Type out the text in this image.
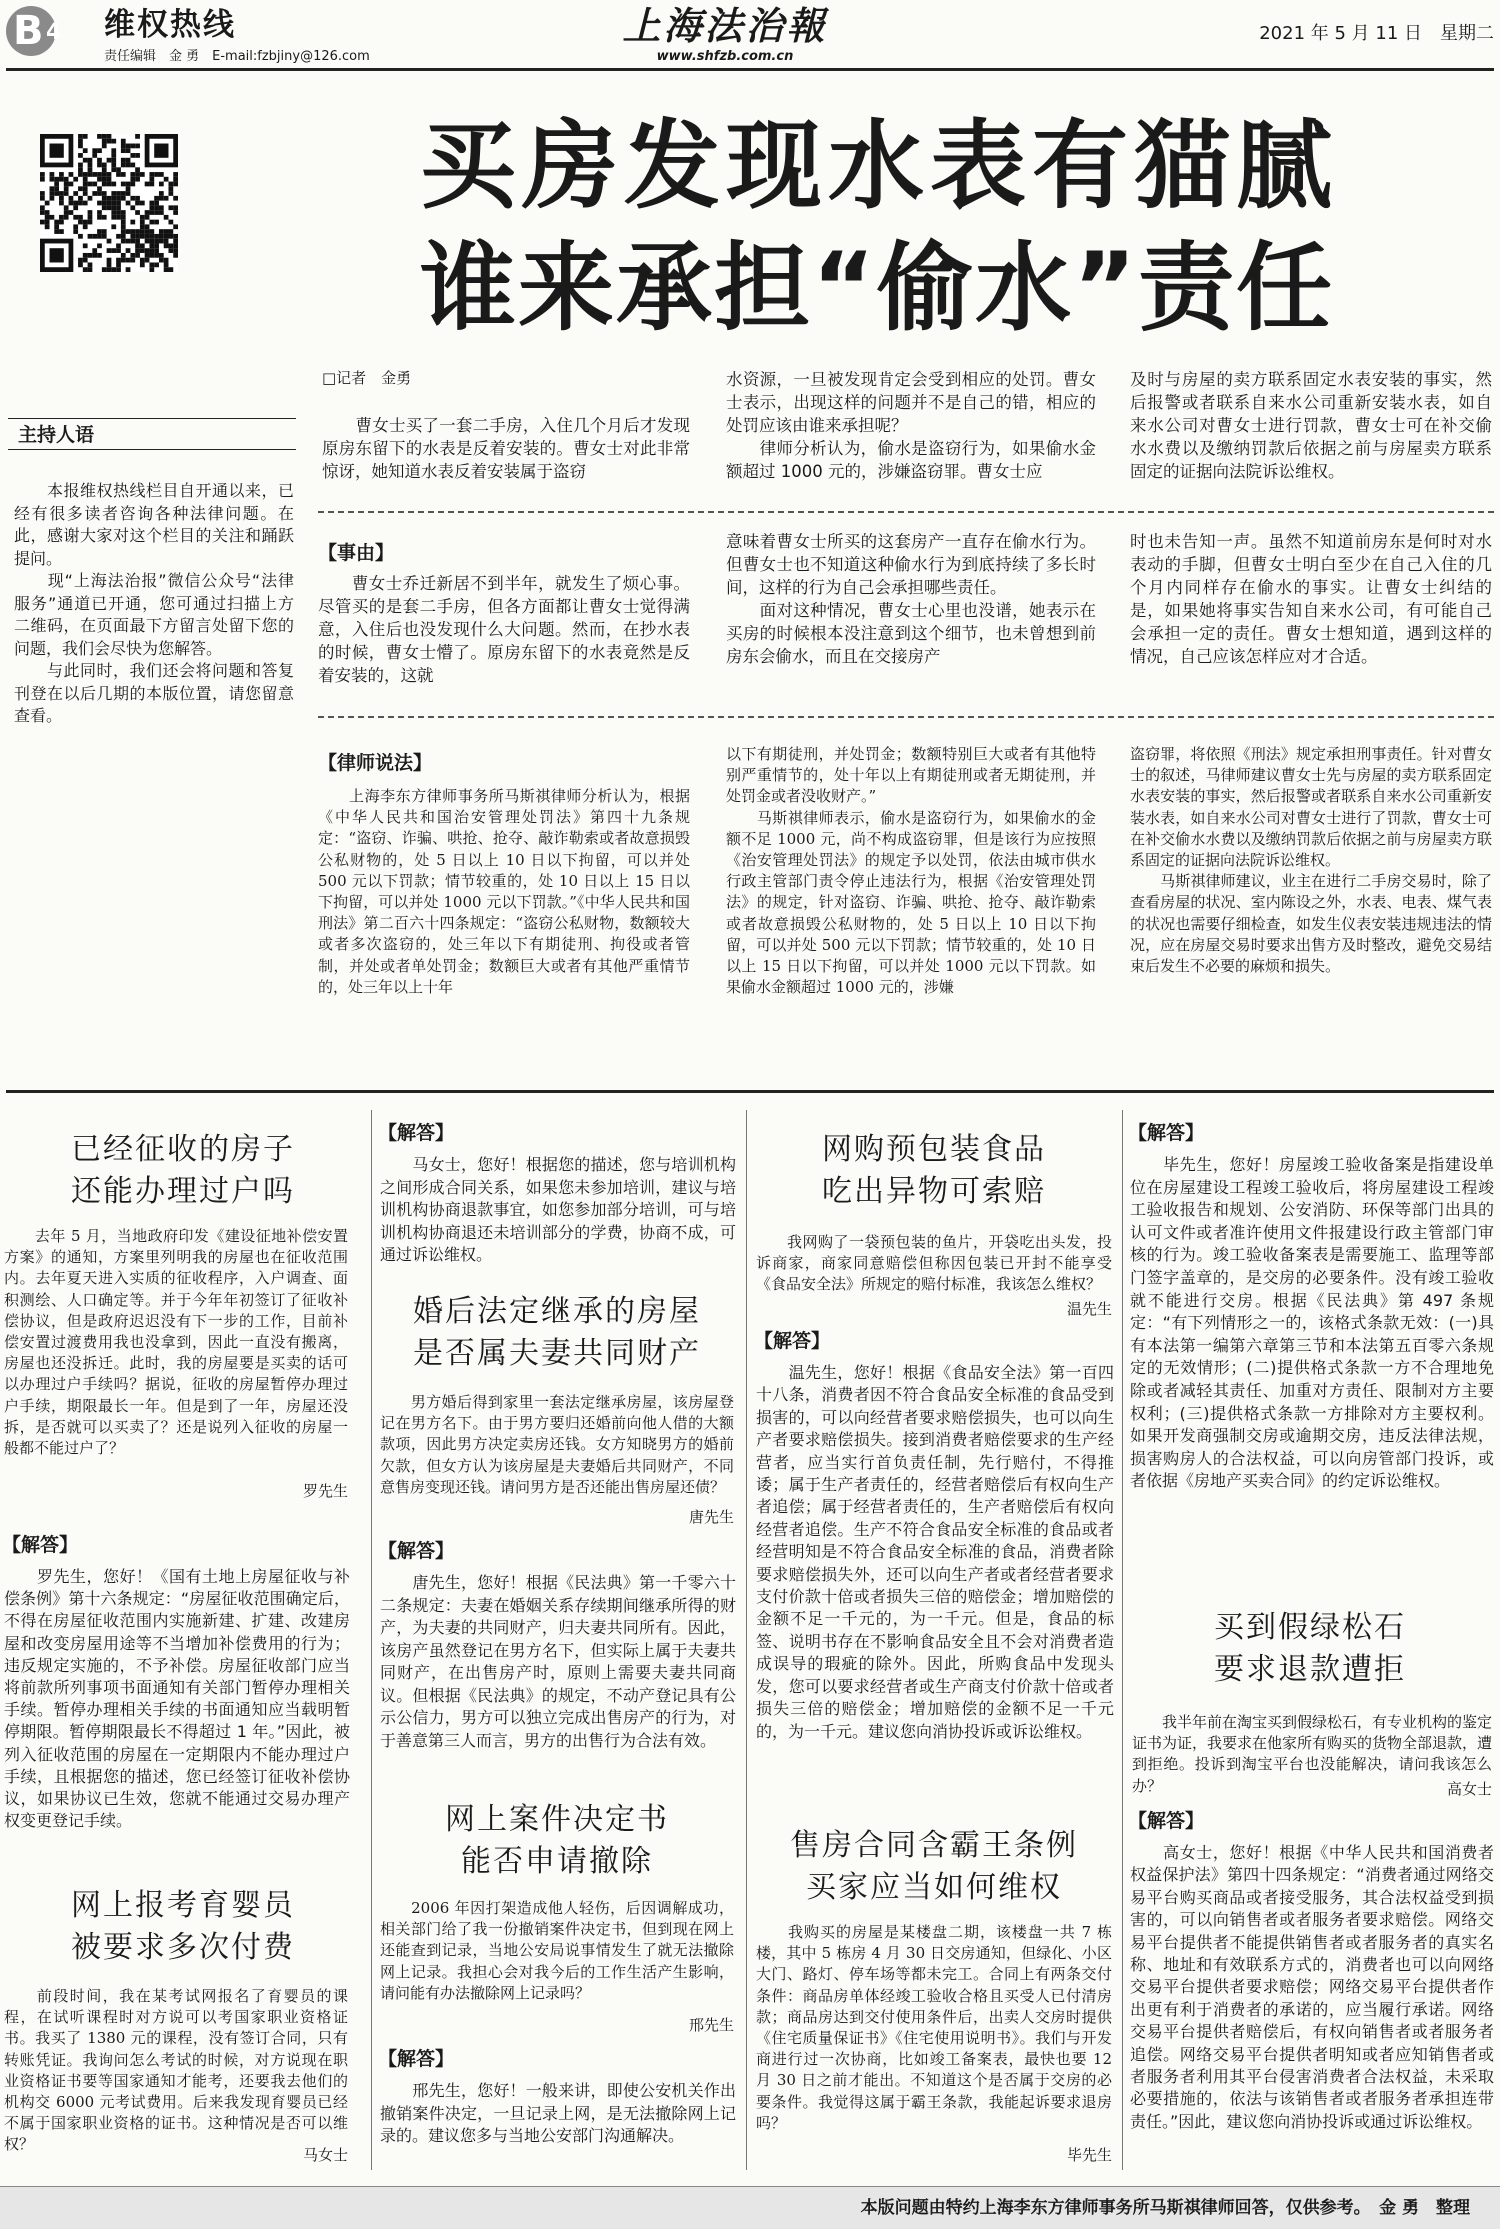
B 4 维权热线
责任编辑　金 勇　E-mail:fzbjiny@126.com
上海法治報
www.shfzb.com.cn
2021 年 5 月 11 日　星期二
买房发现水表有猫腻
谁来承担“偷水”责任
主持人语
　　本报维权热线栏目自开通以来，已经有很多读者咨询各种法律问题。在此，感谢大家对这个栏目的关注和踊跃提问。
　　现“上海法治报”微信公众号“法律服务”通道已开通，您可通过扫描上方二维码，在页面最下方留言处留下您的问题，我们会尽快为您解答。
　　与此同时，我们还会将问题和答复刊登在以后几期的本版位置，请您留意查看。
□记者　金勇
　　曹女士买了一套二手房，入住几个月后才发现原房东留下的水表是反着安装的。曹女士对此非常惊讶，她知道水表反着安装属于盗窃
水资源，一旦被发现肯定会受到相应的处罚。曹女士表示，出现这样的问题并不是自己的错，相应的处罚应该由谁来承担呢？
　　律师分析认为，偷水是盗窃行为，如果偷水金额超过 1000 元的，涉嫌盗窃罪。曹女士应
及时与房屋的卖方联系固定水表安装的事实，然后报警或者联系自来水公司重新安装水表，如自来水公司对曹女士进行罚款，曹女士可在补交偷水水费以及缴纳罚款后依据之前与房屋卖方联系固定的证据向法院诉讼维权。
【事由】
　　曹女士乔迁新居不到半年，就发生了烦心事。尽管买的是套二手房，但各方面都让曹女士觉得满意，入住后也没发现什么大问题。然而，在抄水表的时候，曹女士懵了。原房东留下的水表竟然是反着安装的，这就
意味着曹女士所买的这套房产一直存在偷水行为。但曹女士也不知道这种偷水行为到底持续了多长时间，这样的行为自己会承担哪些责任。
　　面对这种情况，曹女士心里也没谱，她表示在买房的时候根本没注意到这个细节，也未曾想到前房东会偷水，而且在交接房产
时也未告知一声。虽然不知道前房东是何时对水表动的手脚，但曹女士明白至少在自己入住的几个月内同样存在偷水的事实。让曹女士纠结的是，如果她将事实告知自来水公司，有可能自己会承担一定的责任。曹女士想知道，遇到这样的情况，自己应该怎样应对才合适。
【律师说法】
　　上海李东方律师事务所马斯祺律师分析认为，根据《中华人民共和国治安管理处罚法》第四十九条规定：“盗窃、诈骗、哄抢、抢夺、敲诈勒索或者故意损毁公私财物的，处 5 日以上 10 日以下拘留，可以并处 500 元以下罚款；情节较重的，处 10 日以上 15 日以下拘留，可以并处 1000 元以下罚款。”《中华人民共和国刑法》第二百六十四条规定：“盗窃公私财物，数额较大或者多次盗窃的，处三年以下有期徒刑、拘役或者管制，并处或者单处罚金；数额巨大或者有其他严重情节的，处三年以上十年
以下有期徒刑，并处罚金；数额特别巨大或者有其他特别严重情节的，处十年以上有期徒刑或者无期徒刑，并处罚金或者没收财产。”
　　马斯祺律师表示，偷水是盗窃行为，如果偷水的金额不足 1000 元，尚不构成盗窃罪，但是该行为应按照《治安管理处罚法》的规定予以处罚，依法由城市供水行政主管部门责令停止违法行为，根据《治安管理处罚法》的规定，针对盗窃、诈骗、哄抢、抢夺、敲诈勒索或者故意损毁公私财物的，处 5 日以上 10 日以下拘留，可以并处 500 元以下罚款；情节较重的，处 10 日以上 15 日以下拘留，可以并处 1000 元以下罚款。如果偷水金额超过 1000 元的，涉嫌
盗窃罪，将依照《刑法》规定承担刑事责任。针对曹女士的叙述，马律师建议曹女士先与房屋的卖方联系固定水表安装的事实，然后报警或者联系自来水公司重新安装水表，如自来水公司对曹女士进行了罚款，曹女士可在补交偷水水费以及缴纳罚款后依据之前与房屋卖方联系固定的证据向法院诉讼维权。
　　马斯祺律师建议，业主在进行二手房交易时，除了查看房屋的状况、室内陈设之外，水表、电表、煤气表的状况也需要仔细检查，如发生仪表安装违规违法的情况，应在房屋交易时要求出售方及时整改，避免交易结束后发生不必要的麻烦和损失。
已经征收的房子
还能办理过户吗
　　去年 5 月，当地政府印发《建设征地补偿安置方案》的通知，方案里列明我的房屋也在征收范围内。去年夏天进入实质的征收程序，入户调查、面积测绘、人口确定等。并于今年年初签订了征收补偿协议，但是政府迟迟没有下一步的工作，目前补偿安置过渡费用我也没拿到，因此一直没有搬离，房屋也还没拆迁。此时，我的房屋要是买卖的话可以办理过户手续吗？据说，征收的房屋暂停办理过户手续，期限最长一年。但是到了一年，房屋还没拆，是否就可以买卖了？还是说列入征收的房屋一般都不能过户了？
罗先生
【解答】
　　罗先生，您好！《国有土地上房屋征收与补偿条例》第十六条规定：“房屋征收范围确定后，不得在房屋征收范围内实施新建、扩建、改建房屋和改变房屋用途等不当增加补偿费用的行为；违反规定实施的，不予补偿。房屋征收部门应当将前款所列事项书面通知有关部门暂停办理相关手续。暂停办理相关手续的书面通知应当载明暂停期限。暂停期限最长不得超过 1 年。”因此，被列入征收范围的房屋在一定期限内不能办理过户手续，且根据您的描述，您已经签订征收补偿协议，如果协议已生效，您就不能通过交易办理产权变更登记手续。
网上报考育婴员
被要求多次付费
　　前段时间，我在某考试网报名了育婴员的课程，在试听课程时对方说可以考国家职业资格证书。我买了 1380 元的课程，没有签订合同，只有转账凭证。我询问怎么考试的时候，对方说现在职业资格证书要等国家通知才能考，还要我去他们的机构交 6000 元考试费用。后来我发现育婴员已经不属于国家职业资格的证书。这种情况是否可以维权？
马女士
【解答】
　　马女士，您好！根据您的描述，您与培训机构之间形成合同关系，如果您未参加培训，建议与培训机构协商退款事宜，如您参加部分培训，可与培训机构协商退还未培训部分的学费，协商不成，可通过诉讼维权。
婚后法定继承的房屋
是否属夫妻共同财产
　　男方婚后得到家里一套法定继承房屋，该房屋登记在男方名下。由于男方要归还婚前向他人借的大额款项，因此男方决定卖房还钱。女方知晓男方的婚前欠款，但女方认为该房屋是夫妻婚后共同财产，不同意售房变现还钱。请问男方是否还能出售房屋还债？
唐先生
【解答】
　　唐先生，您好！根据《民法典》第一千零六十二条规定：夫妻在婚姻关系存续期间继承所得的财产，为夫妻的共同财产，归夫妻共同所有。因此，该房产虽然登记在男方名下，但实际上属于夫妻共同财产，在出售房产时，原则上需要夫妻共同商议。但根据《民法典》的规定，不动产登记具有公示公信力，男方可以独立完成出售房产的行为，对于善意第三人而言，男方的出售行为合法有效。
网上案件决定书
能否申请撤除
　　2006 年因打架造成他人轻伤，后因调解成功，相关部门给了我一份撤销案件决定书，但到现在网上还能查到记录，当地公安局说事情发生了就无法撤除网上记录。我担心会对我今后的工作生活产生影响，请问能有办法撤除网上记录吗？
邢先生
【解答】
　　邢先生，您好！一般来讲，即使公安机关作出撤销案件决定，一旦记录上网，是无法撤除网上记录的。建议您多与当地公安部门沟通解决。
网购预包装食品
吃出异物可索赔
　　我网购了一袋预包装的鱼片，开袋吃出头发，投诉商家，商家同意赔偿但称因包装已开封不能享受《食品安全法》所规定的赔付标准，我该怎么维权？
温先生
【解答】
　　温先生，您好！根据《食品安全法》第一百四十八条，消费者因不符合食品安全标准的食品受到损害的，可以向经营者要求赔偿损失，也可以向生产者要求赔偿损失。接到消费者赔偿要求的生产经营者，应当实行首负责任制，先行赔付，不得推诿；属于生产者责任的，经营者赔偿后有权向生产者追偿；属于经营者责任的，生产者赔偿后有权向经营者追偿。生产不符合食品安全标准的食品或者经营明知是不符合食品安全标准的食品，消费者除要求赔偿损失外，还可以向生产者或者经营者要求支付价款十倍或者损失三倍的赔偿金；增加赔偿的金额不足一千元的，为一千元。但是，食品的标签、说明书存在不影响食品安全且不会对消费者造成误导的瑕疵的除外。因此，所购食品中发现头发，您可以要求经营者或生产商支付价款十倍或者损失三倍的赔偿金；增加赔偿的金额不足一千元的，为一千元。建议您向消协投诉或诉讼维权。
售房合同含霸王条例
买家应当如何维权
　　我购买的房屋是某楼盘二期，该楼盘一共 7 栋楼，其中 5 栋房 4 月 30 日交房通知，但绿化、小区大门、路灯、停车场等都未完工。合同上有两条交付条件：商品房单体经竣工验收合格且买受人已付清房款；商品房达到交付使用条件后，出卖人交房时提供《住宅质量保证书》《住宅使用说明书》。我们与开发商进行过一次协商，比如竣工备案表，最快也要 12 月 30 日之前才能出。不知道这个是否属于交房的必要条件。我觉得这属于霸王条款，我能起诉要求退房吗？
毕先生
【解答】
　　毕先生，您好！房屋竣工验收备案是指建设单位在房屋建设工程竣工验收后，将房屋建设工程竣工验收报告和规划、公安消防、环保等部门出具的认可文件或者准许使用文件报建设行政主管部门审核的行为。竣工验收备案表是需要施工、监理等部门签字盖章的，是交房的必要条件。没有竣工验收就不能进行交房。根据《民法典》第 497 条规定：“有下列情形之一的，该格式条款无效：(一)具有本法第一编第六章第三节和本法第五百零六条规定的无效情形；(二)提供格式条款一方不合理地免除或者减轻其责任、加重对方责任、限制对方主要权利；(三)提供格式条款一方排除对方主要权利。如果开发商强制交房或逾期交房，违反法律法规，损害购房人的合法权益，可以向房管部门投诉，或者依据《房地产买卖合同》的约定诉讼维权。
买到假绿松石
要求退款遭拒
　　我半年前在淘宝买到假绿松石，有专业机构的鉴定证书为证，我要求在他家所有购买的货物全部退款，遭到拒绝。投诉到淘宝平台也没能解决，请问我该怎么办？	高女士
【解答】
　　高女士，您好！根据《中华人民共和国消费者权益保护法》第四十四条规定：“消费者通过网络交易平台购买商品或者接受服务，其合法权益受到损害的，可以向销售者或者服务者要求赔偿。网络交易平台提供者不能提供销售者或者服务者的真实名称、地址和有效联系方式的，消费者也可以向网络交易平台提供者要求赔偿；网络交易平台提供者作出更有利于消费者的承诺的，应当履行承诺。网络交易平台提供者赔偿后，有权向销售者或者服务者追偿。网络交易平台提供者明知或者应知销售者或者服务者利用其平台侵害消费者合法权益，未采取必要措施的，依法与该销售者或者服务者承担连带责任。”因此，建议您向消协投诉或通过诉讼维权。
本版问题由特约上海李东方律师事务所马斯祺律师回答，仅供参考。　金 勇　整理
